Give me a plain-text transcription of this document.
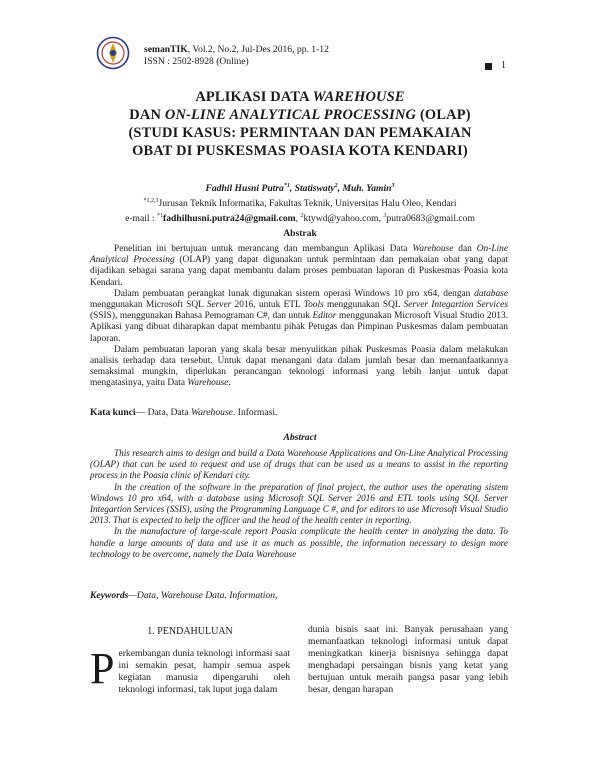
semanTIK, Vol.2, No.2, Jul-Des 2016, pp. 1-12
ISSN : 2502-8928 (Online)	1
APLIKASI DATA WAREHOUSE
DAN ON-LINE ANALYTICAL PROCESSING (OLAP)
(STUDI KASUS: PERMINTAAN DAN PEMAKAIAN
OBAT DI PUSKESMAS POASIA KOTA KENDARI)
Fadhil Husni Putra$^{*1}$, Statiswaty$^2$, Muh. Yamin$^3$
$^{*1,2,3}$Jurusan Teknik Informatika, Fakultas Teknik, Universitas Halu Oleo, Kendari
e-mail : $^{*1}$fadhilhusni.putra24@gmail.com, $^2$ktywd@yahoo.com, $^3$putra0683@gmail.com
Abstrak

Penelitian ini bertujuan untuk merancang dan membangun Aplikasi Data Warehouse dan On-Line Analytical Processing (OLAP) yang dapat digunakan untuk permintaan dan pemakaian obat yang dapat dijadikan sebagai sarana yang dapat membantu dalam proses pembuatan laporan di Puskesmas Poasia kota Kendari.

Dalam pembuatan perangkat lunak digunakan sistem operasi Windows 10 pro x64, dengan database menggunakan Microsoft SQL Server 2016, untuk ETL Tools menggunakan SQL Server Integartion Services (SSIS), menggunakan Bahasa Pemograman C#, dan untuk Editor menggunakan Microsoft Visual Studio 2013. Aplikasi yang dibuat diharapkan dapat membantu pihak Petugas dan Pimpinan Puskesmas dalam pembuatan laporan.

Dalam pembuatan laporan yang skala besar menyulitkan pihak Puskesmas Poasia dalam melakukan analisis terhadap data tersebut. Untuk dapat menangani data dalam jumlah besar dan memanfaatkannya semaksimal mungkin, diperlukan perancangan teknologi informasi yang lebih lanjut untuk dapat mengatasinya, yaitu Data Warehouse.

Kata kunci— Data, Data Warehouse. Informasi.
Abstract

This research aims to design and build a Data Warehouse Applications and On-Line Analytical Processing (OLAP) that can be used to request and use of drugs that can be used as a means to assist in the reporting process in the Poasia clinic of Kendari city.

In the creation of the software in the preparation of final project, the author uses the operating sistem Windows 10 pro x64, with a database using Microsoft SQL Server 2016 and ETL tools using SQL Server Integartion Services (SSIS), using the Programming Language C #, and for editors to use Microsoft Visual Studio 2013. That is expected to help the officer and the head of the health center in reporting.

In the manufacture of large-scale report Poasia complicate the health center in analyzing the data. To handle a large amounts of data and use it as much as possible, the information necessary to design more technology to be overcome, namely the Data Warehouse

Keywords—Data, Warehouse Data. Information,
1. PENDAHULUAN

Perkembangan dunia teknologi informasi saat ini semakin pesat, hampir semua aspek kegiatan manusia dipengaruhi oleh teknologi informasi, tak luput juga dalam

dunia bisnis saat ini. Banyak perusahaan yang memanfaatkan teknologi informasi untuk dapat meningkatkan kinerja bisnisnya sehingga dapat menghadapi persaingan bisnis yang ketat yang bertujuan untuk meraih pangsa pasar yang lebih besar, dengan harapan
